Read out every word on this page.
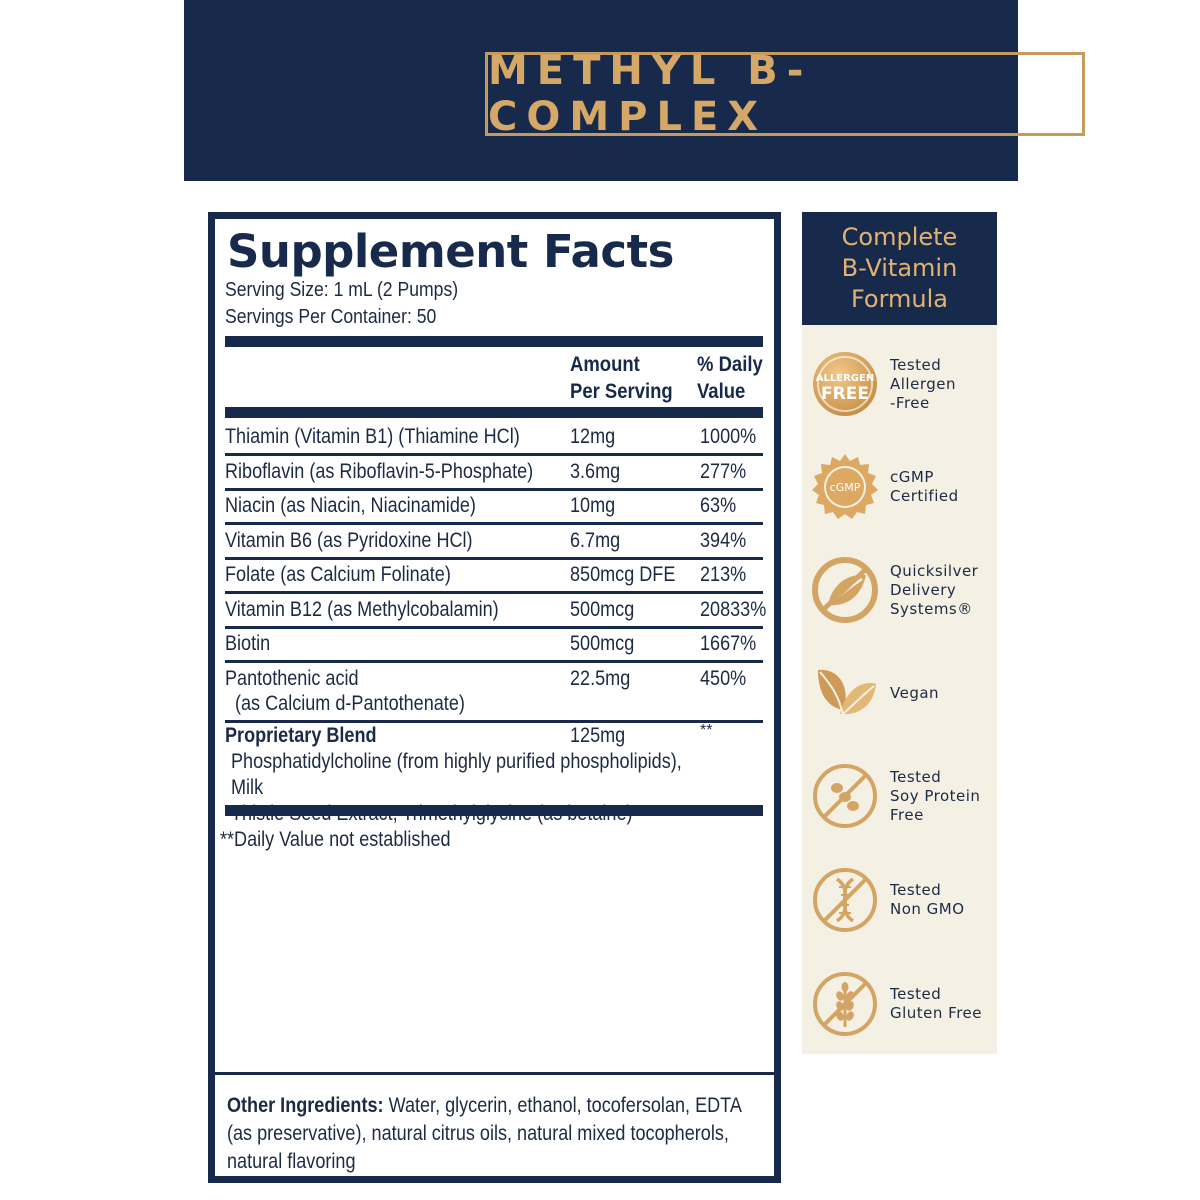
METHYL B-COMPLEX
Supplement Facts
Serving Size: 1 mL (2 Pumps)
Servings Per Container: 50
Amount
Per Serving
% Daily
Value
Thiamin (Vitamin B1) (Thiamine HCl) 12mg	1000%
Riboflavin (as Riboflavin-5-Phosphate) 3.6mg	277%
Niacin (as Niacin, Niacinamide)	10mg	63%
Vitamin B6 (as Pyridoxine HCl)	6.7mg	394%
Folate (as Calcium Folinate)	850mcg DFE 213%
Vitamin B12 (as Methylcobalamin)	500mcg	20833%
Biotin	500mcg	1667%
Pantothenic acid
(as Calcium d-Pantothenate)
22.5mg	450%
Proprietary Blend	125mg	**
Phosphatidylcholine (from highly purified phospholipids), Milk
**Daily Value not established
Other Ingredients: Water, glycerin, ethanol, tocofersolan, EDTA (as preservative), natural citrus oils, natural mixed tocopherols, natural flavoring
Complete
B-Vitamin
Formula
ALLERGEN
FREE
Tested
Allergen
-Free
cGMP
cGMP
Certified
Quicksilver
Delivery
Systems®
Vegan
Tested
Soy Protein
Free
Tested
Non GMO
Tested
Gluten Free
